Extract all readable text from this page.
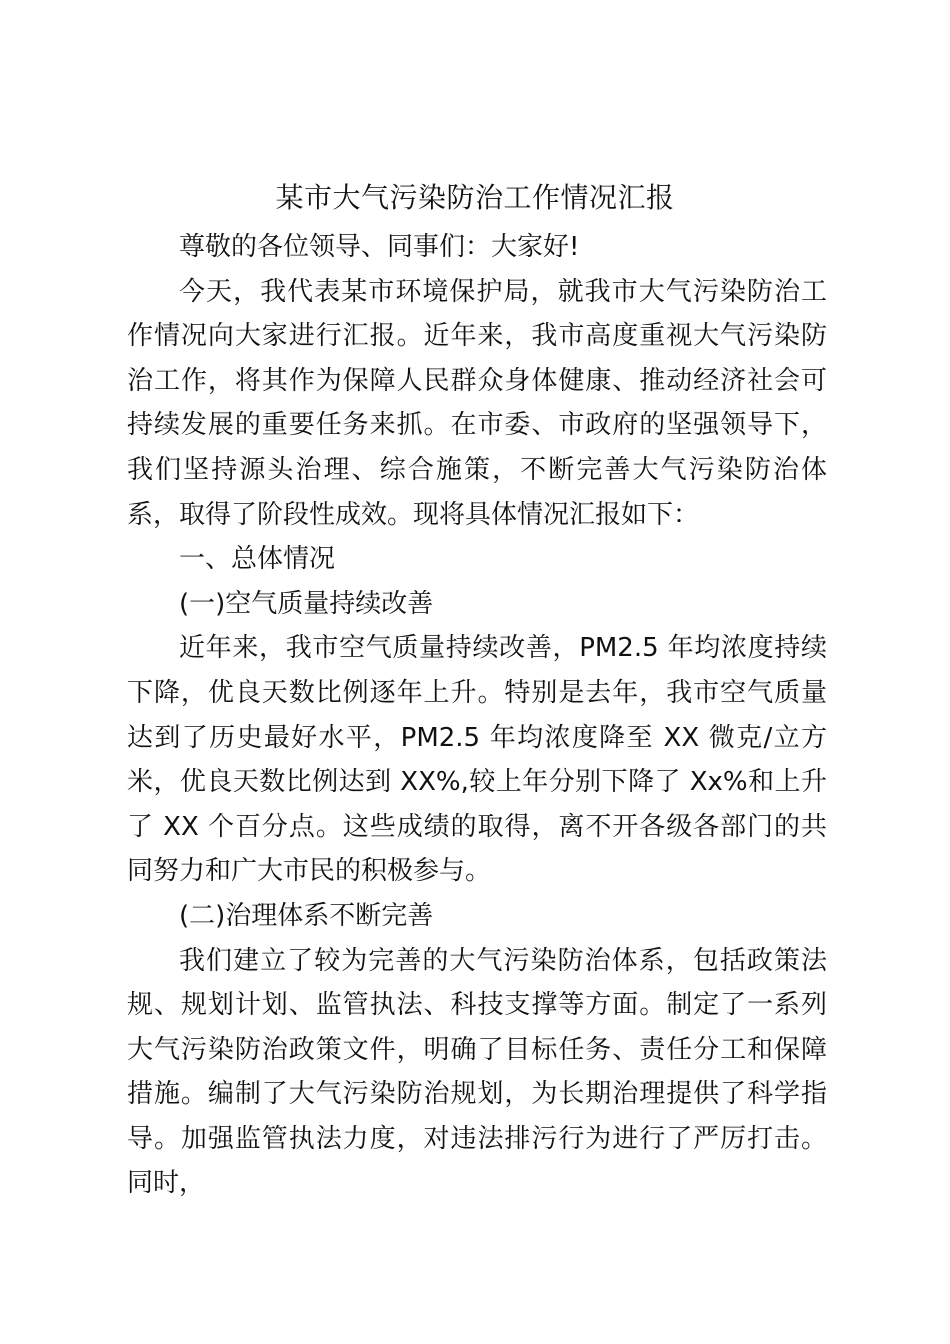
某市大气污染防治工作情况汇报

尊敬的各位领导、同事们：大家好!

今天，我代表某市环境保护局，就我市大气污染防治工作情况向大家进行汇报。近年来，我市高度重视大气污染防治工作，将其作为保障人民群众身体健康、推动经济社会可持续发展的重要任务来抓。在市委、市政府的坚强领导下，我们坚持源头治理、综合施策，不断完善大气污染防治体系，取得了阶段性成效。现将具体情况汇报如下：

一、总体情况

(一)空气质量持续改善

近年来，我市空气质量持续改善，PM2.5 年均浓度持续下降，优良天数比例逐年上升。特别是去年，我市空气质量达到了历史最好水平，PM2.5 年均浓度降至 XX 微克/立方米，优良天数比例达到 XX%,较上年分别下降了 Xx%和上升了 XX 个百分点。这些成绩的取得，离不开各级各部门的共同努力和广大市民的积极参与。

(二)治理体系不断完善

我们建立了较为完善的大气污染防治体系，包括政策法规、规划计划、监管执法、科技支撑等方面。制定了一系列大气污染防治政策文件，明确了目标任务、责任分工和保障措施。编制了大气污染防治规划，为长期治理提供了科学指导。加强监管执法力度，对违法排污行为进行了严厉打击。同时，
